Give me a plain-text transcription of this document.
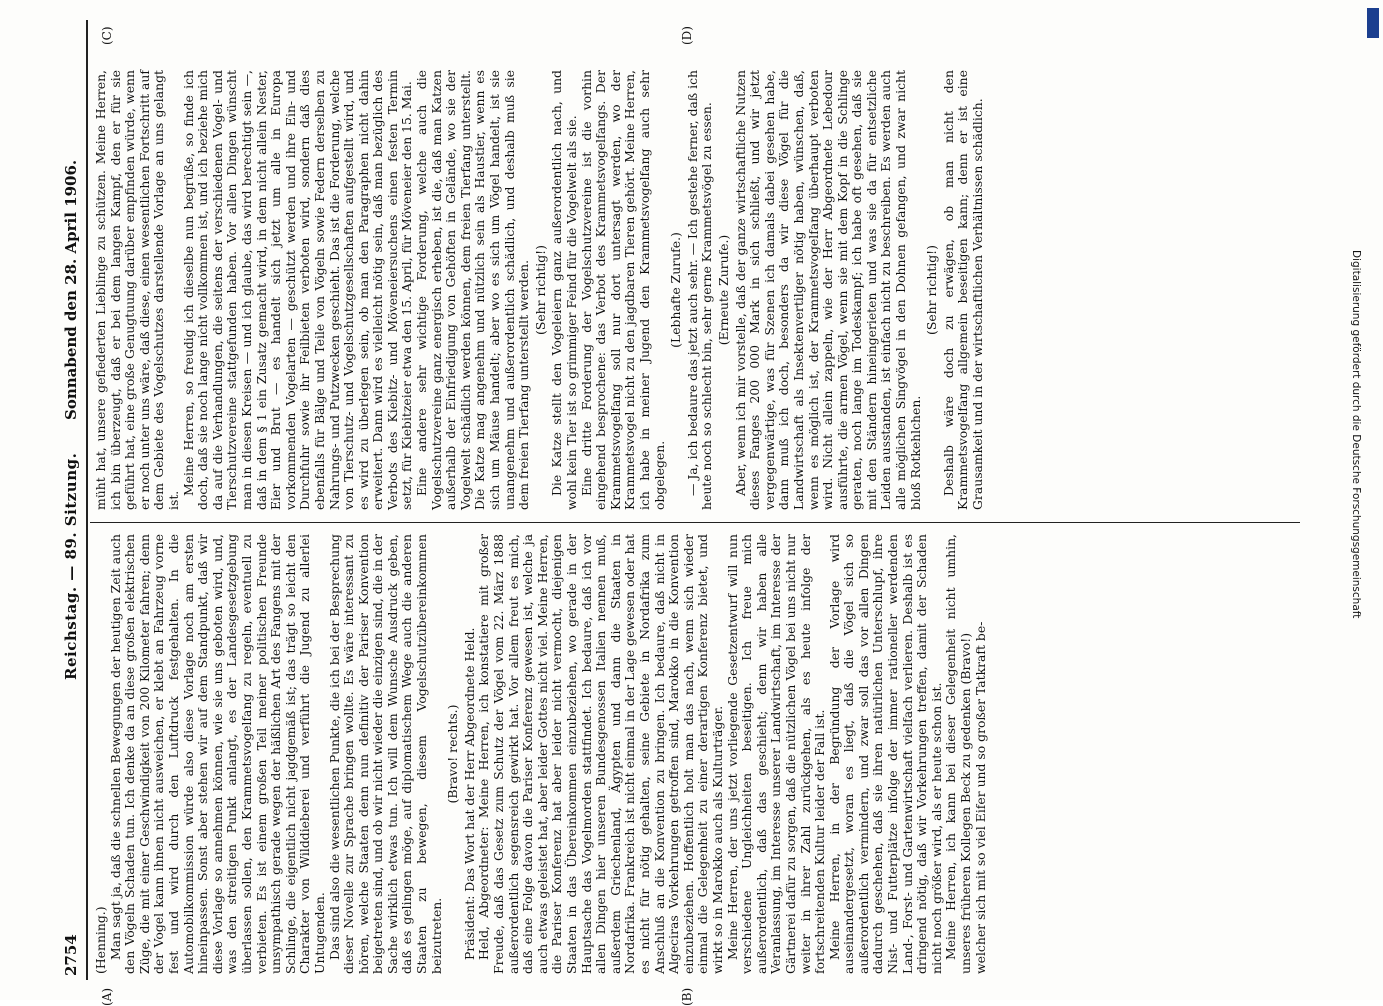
2754
Reichstag. — 89. Sitzung.
Sonnabend den 28. April 1906.
(A)	(B)
(C)	(D)

(Henning.) Man sagt ja, daß die schnellen Bewegungen der heutigen Zeit auch den Vögeln Schaden tun. Ich denke da an diese großen elektrischen Züge, die mit einer Geschwindigkeit von 200 Kilometer fahren; denn der Vogel kann ihnen nicht ausweichen, er klebt an Fahrzeug vorne fest und wird durch den Luftdruck festgehalten. In die Automobilkommission würde also diese Vorlage noch am ersten hineinpassen. Sonst aber stehen wir auf dem Standpunkt, daß wir diese Vorlage so annehmen können, wie sie uns geboten wird, und, was den streitigen Punkt anlangt, es der Landesgesetzgebung überlassen sollen, den Krammetsvogelfang zu regeln, eventuell zu verbieten. Es ist einem großen Teil meiner politischen Freunde unsympathisch gerade wegen der häßlichen Art des Fangens mit der Schlinge, die eigentlich nicht jagdgemäß ist; das trägt so leicht den Charakter von Wilddieberei und verführt die Jugend zu allerlei Untugenden. Das sind also die wesentlichen Punkte, die ich bei der Besprechung dieser Novelle zur Sprache bringen wollte. Es wäre interessant zu hören, welche Staaten denn nun definitiv der Pariser Konvention beigetreten sind, und ob wir nicht wieder die einzigen sind, die in der Sache wirklich etwas tun. Ich will dem Wunsche Ausdruck geben, daß es gelingen möge, auf diplomatischem Wege auch die anderen Staaten zu bewegen, diesem Vogelschutzübereinkommen beizutreten.

(Bravo! rechts.) Präsident: Das Wort hat der Herr Abgeordnete Held. Held, Abgeordneter: Meine Herren, ich konstatiere mit großer Freude, daß das Gesetz zum Schutz der Vögel vom 22. März 1888 außerordentlich segensreich gewirkt hat. Vor allem freut es mich, daß eine Folge davon die Pariser Konferenz gewesen ist, welche ja auch etwas geleistet hat, aber leider Gottes nicht viel. Meine Herren, die Pariser Konferenz hat aber leider nicht vermocht, diejenigen Staaten in das Übereinkommen einzubeziehen, wo gerade in der Hauptsache das Vogelmorden stattfindet. Ich bedaure, daß ich vor allen Dingen hier unseren Bundesgenossen Italien nennen muß, außerdem Griechenland, Ägypten und dann die Staaten in Nordafrika. Frankreich ist nicht einmal in der Lage gewesen oder hat es nicht für nötig gehalten, seine Gebiete in Nordafrika zum Anschluß an die Konvention zu bringen. Ich bedaure, daß nicht in Algeciras Vorkehrungen getroffen sind, Marokko in die Konvention einzubeziehen. Hoffentlich holt man das nach, wenn sich wieder einmal die Gelegenheit zu einer derartigen Konferenz bietet, und wirkt so in Marokko auch als Kulturträger. Meine Herren, der uns jetzt vorliegende Gesetzentwurf will nun verschiedene Ungleichheiten beseitigen. Ich freue mich außerordentlich, daß das geschieht; denn wir haben alle Veranlassung, im Interesse unserer Landwirtschaft, im Interesse der Gärtnerei dafür zu sorgen, daß die nützlichen Vögel bei uns nicht nur weiter in ihrer Zahl zurückgehen, als es heute infolge der fortschreitenden Kultur leider der Fall ist. Meine Herren, in der Begründung der Vorlage wird auseinandergesetzt, woran es liegt, daß die Vögel sich so außerordentlich vermindern, und zwar soll das vor allen Dingen dadurch geschehen, daß sie ihren natürlichen Unterschlupf, ihre Nist- und Futterplätze infolge der immer rationeller werdenden Land-, Forst- und Gartenwirtschaft vielfach verlieren. Deshalb ist es dringend nötig, daß wir Vorkehrungen treffen, damit der Schaden nicht noch größer wird, als er heute schon ist. Meine Herren, ich kann bei dieser Gelegenheit nicht umhin, unseres früheren Kollegen Beck zu gedenken (Bravo!) welcher sich mit so viel Eifer und so großer Tatkraft be-

müht hat, unsere gefiederten Lieblinge zu schützen. Meine Herren, ich bin überzeugt, daß er bei dem langen Kampf, den er für sie geführt hat, eine große Genugtuung darüber empfinden würde, wenn er noch unter uns wäre, daß diese, einen wesentlichen Fortschritt auf dem Gebiete des Vogelschutzes darstellende Vorlage an uns gelangt ist.

Meine Herren, so freudig ich dieselbe nun begrüße, so finde ich doch, daß sie noch lange nicht vollkommen ist, und ich beziehe mich da auf die Verhandlungen, die seitens der verschiedenen Vogel- und Tierschutzvereine stattgefunden haben. Vor allen Dingen wünscht man in diesen Kreisen — und ich glaube, das wird berechtigt sein —, daß in dem § 1 ein Zusatz gemacht wird, in dem nicht allein Nester, Eier und Brut — es handelt sich jetzt um alle in Europa vorkommenden Vogelarten — geschützt werden und ihre Ein- und Durchfuhr sowie ihr Feilbieten verboten wird, sondern daß dies ebenfalls für Bälge und Teile von Vögeln sowie Federn derselben zu Nahrungs- und Putzwecken geschieht. Das ist die Forderung, welche von Tierschutz- und Vogelschutzgesellschaften aufgestellt wird, und es wird zu überlegen sein, ob man den Paragraphen nicht dahin erweitert. Dann wird es vielleicht nötig sein, daß man bezüglich des Verbots des Kiebitz- und Möveneiersuchens einen festen Termin setzt, für Kiebitzeier etwa den 15. April, für Möveneier den 15. Mai. Eine andere sehr wichtige Forderung, welche auch die Vogelschutzvereine ganz energisch erheben, ist die, daß man Katzen außerhalb der Einfriedigung von Gehöften in Gelände, wo sie der Vogelwelt schädlich werden können, dem freien Tierfang unterstellt. Die Katze mag angenehm und nützlich sein als Haustier, wenn es sich um Mäuse handelt; aber wo es sich um Vögel handelt, ist sie unangenehm und außerordentlich schädlich, und deshalb muß sie dem freien Tierfang unterstellt werden. (Sehr richtig!) Die Katze stellt den Vogeleiern ganz außerordentlich nach, und wohl kein Tier ist so grimmiger Feind für die Vogelwelt als sie. Eine dritte Forderung der Vogelschutzvereine ist die vorhin eingehend besprochene: das Verbot des Krammetsvogelfangs. Der Krammetsvogelfang soll nur dort untersagt werden, wo der Krammetsvogel nicht zu den jagdbaren Tieren gehört. Meine Herren, ich habe in meiner Jugend den Krammetsvogelfang auch sehr obgelegen.

(Lebhafte Zurufe.) — Ja, ich bedaure das jetzt auch sehr. — Ich gestehe ferner, daß ich heute noch so schlecht bin, sehr gerne Krammetsvögel zu essen. (Erneute Zurufe.) Aber, wenn ich mir vorstelle, daß der ganze wirtschaftliche Nutzen dieses Fanges 200 000 Mark in sich schließt, und wir jetzt vergegenwärtige, was für Szenen ich damals dabei gesehen habe, dann muß ich doch, besonders da wir diese Vögel für die Landwirtschaft als Insektenvertilger nötig haben, wünschen, daß, wenn es möglich ist, der Krammetsvogelfang überhaupt verboten wird. Nicht allein zappeln, wie der Herr Abgeordnete Lebedour ausführte, die armen Vögel, wenn sie mit dem Kopf in die Schlinge geraten, noch lange im Todeskampf; ich habe oft gesehen, daß sie mit den Ständern hineingerieten und was sie da für entsetzliche Leiden ausstanden, ist einfach nicht zu beschreiben. Es werden auch alle möglichen Singvögel in den Dohnen gefangen, und zwar nicht bloß Rotkehlchen.

(Sehr richtig!) Deshalb wäre doch zu erwägen, ob man nicht den Krammetsvogelfang allgemein beseitigen kann; denn er ist eine Grausamkeit und in der wirtschaftlichen Verhältnissen schädlich.	Digitalisierung gefördert durch die Deutsche Forschungsgemeinschaft
